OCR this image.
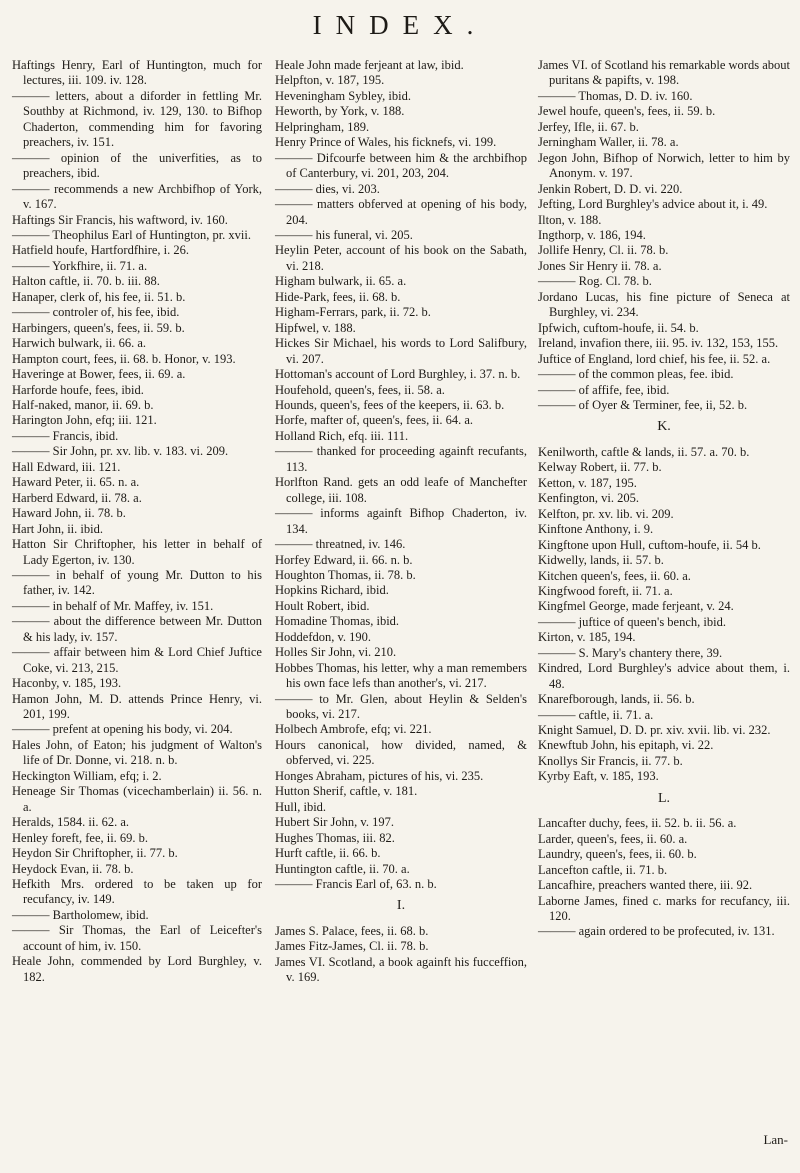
INDEX.

Haftings Henry, Earl of Huntington, much for lectures, iii. 109. iv. 128.

——— letters, about a diforder in fettling Mr. Southby at Richmond, iv. 129, 130. to Bifhop Chaderton, commending him for favoring preachers, iv. 151.

——— opinion of the univerfities, as to preachers, ibid.

——— recommends a new Archbifhop of York, v. 167.

Haftings Sir Francis, his waftword, iv. 160.

——— Theophilus Earl of Huntington, pr. xvii.

Hatfield houfe, Hartfordfhire, i. 26.

——— Yorkfhire, ii. 71. a.

Halton caftle, ii. 70. b. iii. 88.

Hanaper, clerk of, his fee, ii. 51. b.

——— controler of, his fee, ibid.

Harbingers, queen's, fees, ii. 59. b.

Harwich bulwark, ii. 66. a.

Hampton court, fees, ii. 68. b. Honor, v. 193.

Haveringe at Bower, fees, ii. 69. a.

Harforde houfe, fees, ibid.

Half-naked, manor, ii. 69. b.

Harington John, efq; iii. 121.

——— Francis, ibid.

——— Sir John, pr. xv. lib. v. 183. vi. 209.

Hall Edward, iii. 121.

Haward Peter, ii. 65. n. a.

Harberd Edward, ii. 78. a.

Haward John, ii. 78. b.

Hart John, ii. ibid.

Hatton Sir Chriftopher, his letter in behalf of Lady Egerton, iv. 130.

——— in behalf of young Mr. Dutton to his father, iv. 142.

——— in behalf of Mr. Maffey, iv. 151.

——— about the difference between Mr. Dutton & his lady, iv. 157.

——— affair between him & Lord Chief Juftice Coke, vi. 213, 215.

Haconby, v. 185, 193.

Hamon John, M. D. attends Prince Henry, vi. 201, 199.

——— prefent at opening his body, vi. 204.

Hales John, of Eaton; his judgment of Walton's life of Dr. Donne, vi. 218. n. b.

Heckington William, efq; i. 2.

Heneage Sir Thomas (vicechamberlain) ii. 56. n. a.

Heralds, 1584. ii. 62. a.

Henley foreft, fee, ii. 69. b.

Heydon Sir Chriftopher, ii. 77. b.

Heydock Evan, ii. 78. b.

Hefkith Mrs. ordered to be taken up for recufancy, iv. 149.

——— Bartholomew, ibid.

——— Sir Thomas, the Earl of Leicefter's account of him, iv. 150.

Heale John, commended by Lord Burghley, v. 182.

Heale John made ferjeant at law, ibid.

Helpfton, v. 187, 195.

Heveningham Sybley, ibid.

Heworth, by York, v. 188.

Helpringham, 189.

Henry Prince of Wales, his ficknefs, vi. 199.

——— Difcourfe between him & the archbifhop of Canterbury, vi. 201, 203, 204.

——— dies, vi. 203.

——— matters obferved at opening of his body, 204.

——— his funeral, vi. 205.

Heylin Peter, account of his book on the Sabath, vi. 218.

Higham bulwark, ii. 65. a.

Hide-Park, fees, ii. 68. b.

Higham-Ferrars, park, ii. 72. b.

Hipfwel, v. 188.

Hickes Sir Michael, his words to Lord Salifbury, vi. 207.

Hottoman's account of Lord Burghley, i. 37. n. b.

Houfehold, queen's, fees, ii. 58. a.

Hounds, queen's, fees of the keepers, ii. 63. b.

Horfe, mafter of, queen's, fees, ii. 64. a.

Holland Rich, efq. iii. 111.

——— thanked for proceeding againft recufants, 113.

Horlfton Rand. gets an odd leafe of Manchefter college, iii. 108.

——— informs againft Bifhop Chaderton, iv. 134.

——— threatned, iv. 146.

Horfey Edward, ii. 66. n. b.

Houghton Thomas, ii. 78. b.

Hopkins Richard, ibid.

Hoult Robert, ibid.

Homadine Thomas, ibid.

Hoddefdon, v. 190.

Holles Sir John, vi. 210.

Hobbes Thomas, his letter, why a man remembers his own face lefs than another's, vi. 217.

——— to Mr. Glen, about Heylin & Selden's books, vi. 217.

Holbech Ambrofe, efq; vi. 221.

Hours canonical, how divided, named, & obferved, vi. 225.

Honges Abraham, pictures of his, vi. 235.

Hutton Sherif, caftle, v. 181.

Hull, ibid.

Hubert Sir John, v. 197.

Hughes Thomas, iii. 82.

Hurft caftle, ii. 66. b.

Huntington caftle, ii. 70. a.

——— Francis Earl of, 63. n. b.

I.

James S. Palace, fees, ii. 68. b.

James Fitz-James, Cl. ii. 78. b.

James VI. Scotland, a book againft his fucceffion, v. 169.

James VI. of Scotland his remarkable words about puritans & papifts, v. 198.

——— Thomas, D. D. iv. 160.

Jewel houfe, queen's, fees, ii. 59. b.

Jerfey, Ifle, ii. 67. b.

Jerningham Waller, ii. 78. a.

Jegon John, Bifhop of Norwich, letter to him by Anonym. v. 197.

Jenkin Robert, D. D. vi. 220.

Jefting, Lord Burghley's advice about it, i. 49.

Ilton, v. 188.

Ingthorp, v. 186, 194.

Jollife Henry, Cl. ii. 78. b.

Jones Sir Henry ii. 78. a.

——— Rog. Cl. 78. b.

Jordano Lucas, his fine picture of Seneca at Burghley, vi. 234.

Ipfwich, cuftom-houfe, ii. 54. b.

Ireland, invafion there, iii. 95. iv. 132, 153, 155.

Juftice of England, lord chief, his fee, ii. 52. a.

——— of the common pleas, fee. ibid.

——— of affife, fee, ibid.

——— of Oyer & Terminer, fee, ii, 52. b.

K.

Kenilworth, caftle & lands, ii. 57. a. 70. b.

Kelway Robert, ii. 77. b.

Ketton, v. 187, 195.

Kenfington, vi. 205.

Kelfton, pr. xv. lib. vi. 209.

Kinftone Anthony, i. 9.

Kingftone upon Hull, cuftom-houfe, ii. 54 b.

Kidwelly, lands, ii. 57. b.

Kitchen queen's, fees, ii. 60. a.

Kingfwood foreft, ii. 71. a.

Kingfmel George, made ferjeant, v. 24.

——— juftice of queen's bench, ibid.

Kirton, v. 185, 194.

——— S. Mary's chantery there, 39.

Kindred, Lord Burghley's advice about them, i. 48.

Knarefborough, lands, ii. 56. b.

——— caftle, ii. 71. a.

Knight Samuel, D. D. pr. xiv. xvii. lib. vi. 232.

Knewftub John, his epitaph, vi. 22.

Knollys Sir Francis, ii. 77. b.

Kyrby Eaft, v. 185, 193.

L.

Lancafter duchy, fees, ii. 52. b. ii. 56. a.

Larder, queen's, fees, ii. 60. a.

Laundry, queen's, fees, ii. 60. b.

Lancefton caftle, ii. 71. b.

Lancafhire, preachers wanted there, iii. 92.

Laborne James, fined c. marks for recufancy, iii. 120.

——— again ordered to be profecuted, iv. 131.

Lan-
